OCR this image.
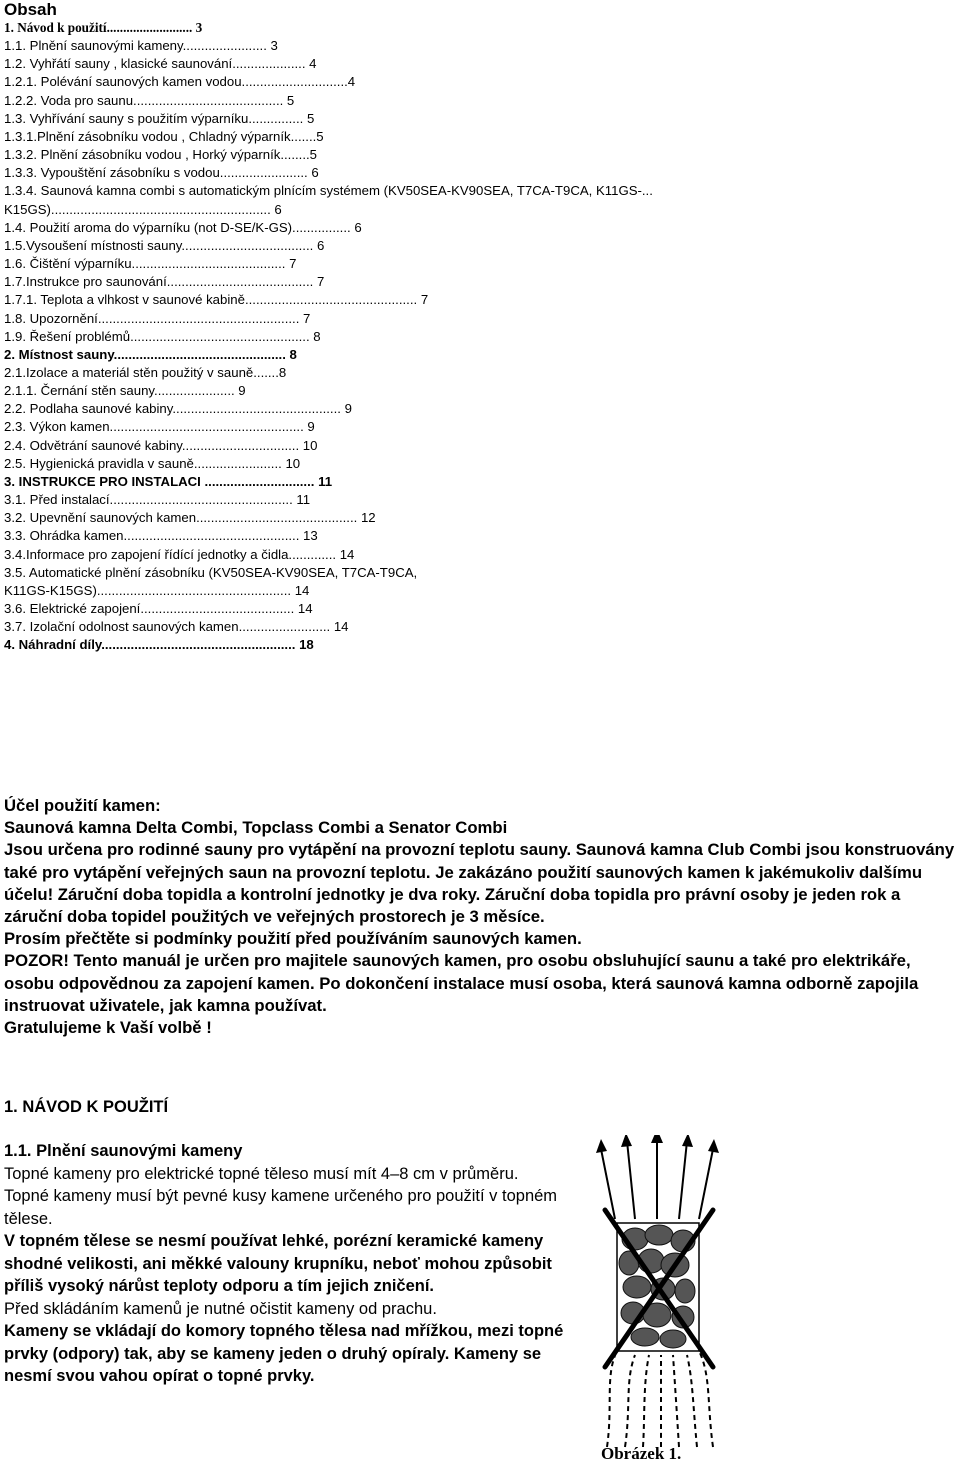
Obsah
1. Návod k použití.......................... 3
1.1. Plnění saunovými kameny....................... 3
1.2. Vyhřátí sauny , klasické saunování.................... 4
1.2.1. Polévání saunových kamen vodou.............................4
1.2.2. Voda pro saunu......................................... 5
1.3. Vyhřívání sauny s použitím výparníku............... 5
1.3.1.Plnění zásobníku vodou , Chladný výparník.......5
1.3.2. Plnění zásobníku vodou , Horký výparník........5
1.3.3. Vypouštění zásobníku s vodou........................ 6
1.3.4. Saunová kamna combi s automatickým plnícím systémem (KV50SEA-KV90SEA, T7CA-T9CA, K11GS-...
K15GS)............................................................ 6
1.4. Použití aroma do výparníku (not D-SE/K-GS)................ 6
1.5.Vysoušení místnosti sauny.................................... 6
1.6. Čištění výparníku.......................................... 7
1.7.Instrukce pro saunování........................................ 7
1.7.1. Teplota a vlhkost v saunové kabině............................................... 7
1.8. Upozornění....................................................... 7
1.9. Řešení problémů................................................. 8
2. Místnost sauny............................................... 8
2.1.Izolace a materiál stěn použitý v sauně.......8
2.1.1. Černání stěn sauny...................... 9
2.2. Podlaha saunové kabiny.............................................. 9
2.3. Výkon kamen..................................................... 9
2.4. Odvětrání saunové kabiny................................ 10
2.5. Hygienická pravidla v sauně........................ 10
3. INSTRUKCE PRO INSTALACI .............................. 11
3.1. Před instalací.................................................. 11
3.2. Upevnění saunových kamen............................................ 12
3.3. Ohrádka kamen................................................ 13
3.4.Informace pro zapojení řídící jednotky a čidla............. 14
3.5. Automatické plnění zásobníku (KV50SEA-KV90SEA, T7CA-T9CA,
K11GS-K15GS)..................................................... 14
3.6. Elektrické zapojení.......................................... 14
3.7. Izolační odolnost saunových kamen......................... 14
4. Náhradní díly..................................................... 18

Účel použití kamen:

Saunová kamna Delta Combi, Topclass Combi a Senator Combi

Jsou určena pro rodinné sauny pro vytápění na provozní teplotu sauny. Saunová kamna Club Combi jsou konstruovány také pro vytápění veřejných saun na provozní teplotu. Je zakázáno použití saunových kamen k jakémukoliv dalšímu účelu! Záruční doba topidla a kontrolní jednotky je dva roky. Záruční doba topidla pro právní osoby je jeden rok a záruční doba topidel použitých ve veřejných prostorech je 3 měsíce.

Prosím přečtěte si podmínky použití před používáním saunových kamen.

POZOR! Tento manuál je určen pro majitele saunových kamen, pro osobu obsluhující saunu a také pro elektrikáře, osobu odpovědnou za zapojení kamen. Po dokončení instalace musí osoba, která saunová kamna odborně zapojila instruovat uživatele, jak kamna používat.

Gratulujeme k Vaší volbě !

1. NÁVOD K POUŽITÍ

1.1. Plnění saunovými kameny

Topné kameny pro elektrické topné těleso musí mít 4–8 cm v průměru. Topné kameny musí být pevné kusy kamene určeného pro použití v topném tělese.

V topném tělese se nesmí používat lehké, porézní keramické kameny shodné velikosti, ani měkké valouny krupníku, neboť mohou způsobit příliš vysoký nárůst teploty odporu a tím jejich zničení.

Před skládáním kamenů je nutné očistit kameny od prachu.

Kameny se vkládají do komory topného tělesa nad mřížkou, mezi topné prvky (odpory) tak, aby se kameny jeden o druhý opíraly. Kameny se nesmí svou vahou opírat o topné prvky.

Obrázek 1.
